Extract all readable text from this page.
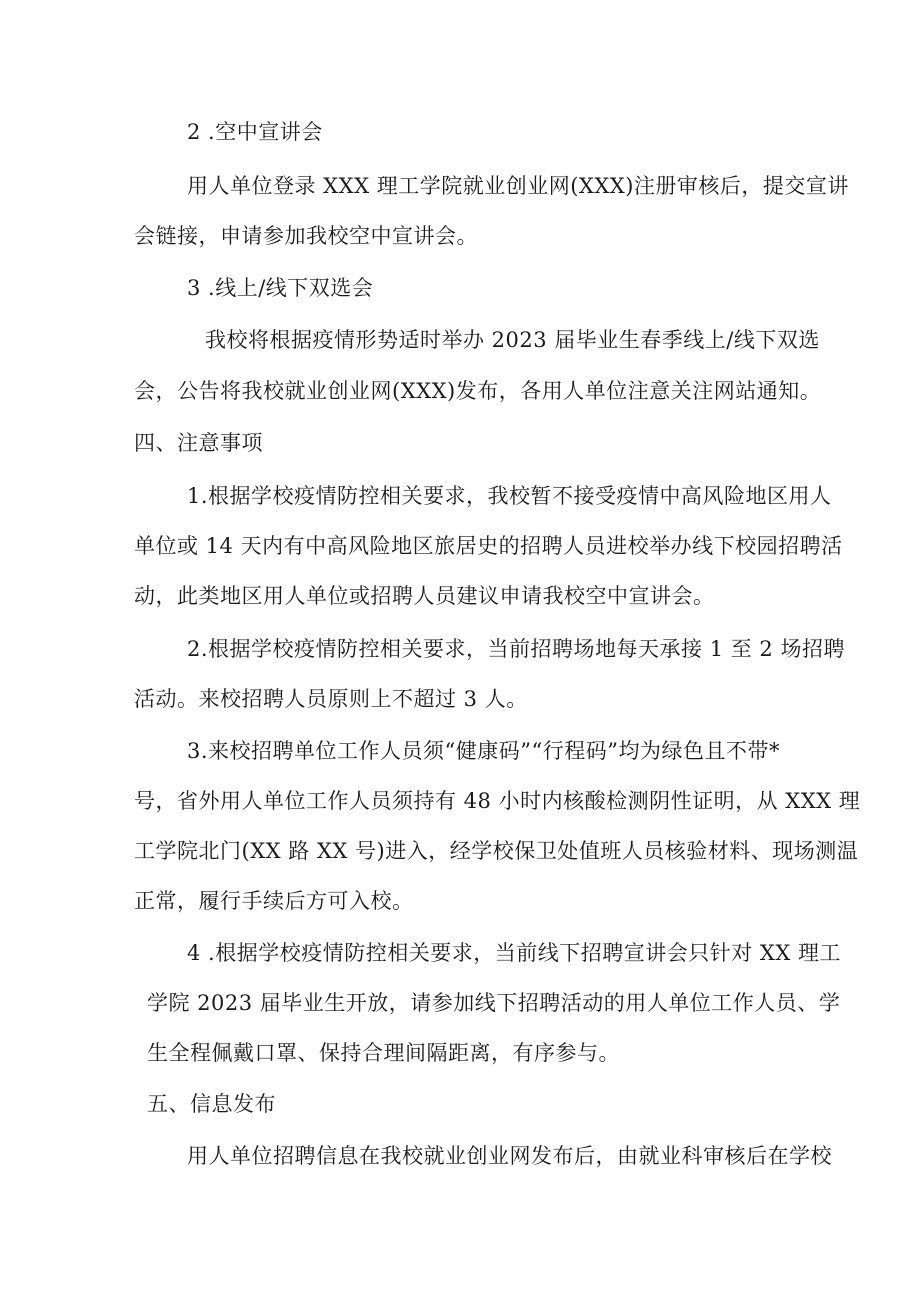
2 .空中宣讲会
用人单位登录 XXX 理工学院就业创业网(XXX)注册审核后，提交宣讲
会链接，申请参加我校空中宣讲会。
3 .线上/线下双选会
我校将根据疫情形势适时举办 2023 届毕业生春季线上/线下双选
会，公告将我校就业创业网(XXX)发布，各用人单位注意关注网站通知。
四、注意事项
1.根据学校疫情防控相关要求，我校暂不接受疫情中高风险地区用人
单位或 14 天内有中高风险地区旅居史的招聘人员进校举办线下校园招聘活
动，此类地区用人单位或招聘人员建议申请我校空中宣讲会。
2.根据学校疫情防控相关要求，当前招聘场地每天承接 1 至 2 场招聘
活动。来校招聘人员原则上不超过 3 人。
3.来校招聘单位工作人员须“健康码”“行程码”均为绿色且不带*
号，省外用人单位工作人员须持有 48 小时内核酸检测阴性证明，从 XXX 理
工学院北门(XX 路 XX 号)进入，经学校保卫处值班人员核验材料、现场测温
正常，履行手续后方可入校。
4 .根据学校疫情防控相关要求，当前线下招聘宣讲会只针对 XX 理工
学院 2023 届毕业生开放，请参加线下招聘活动的用人单位工作人员、学
生全程佩戴口罩、保持合理间隔距离，有序参与。
五、信息发布
用人单位招聘信息在我校就业创业网发布后，由就业科审核后在学校
